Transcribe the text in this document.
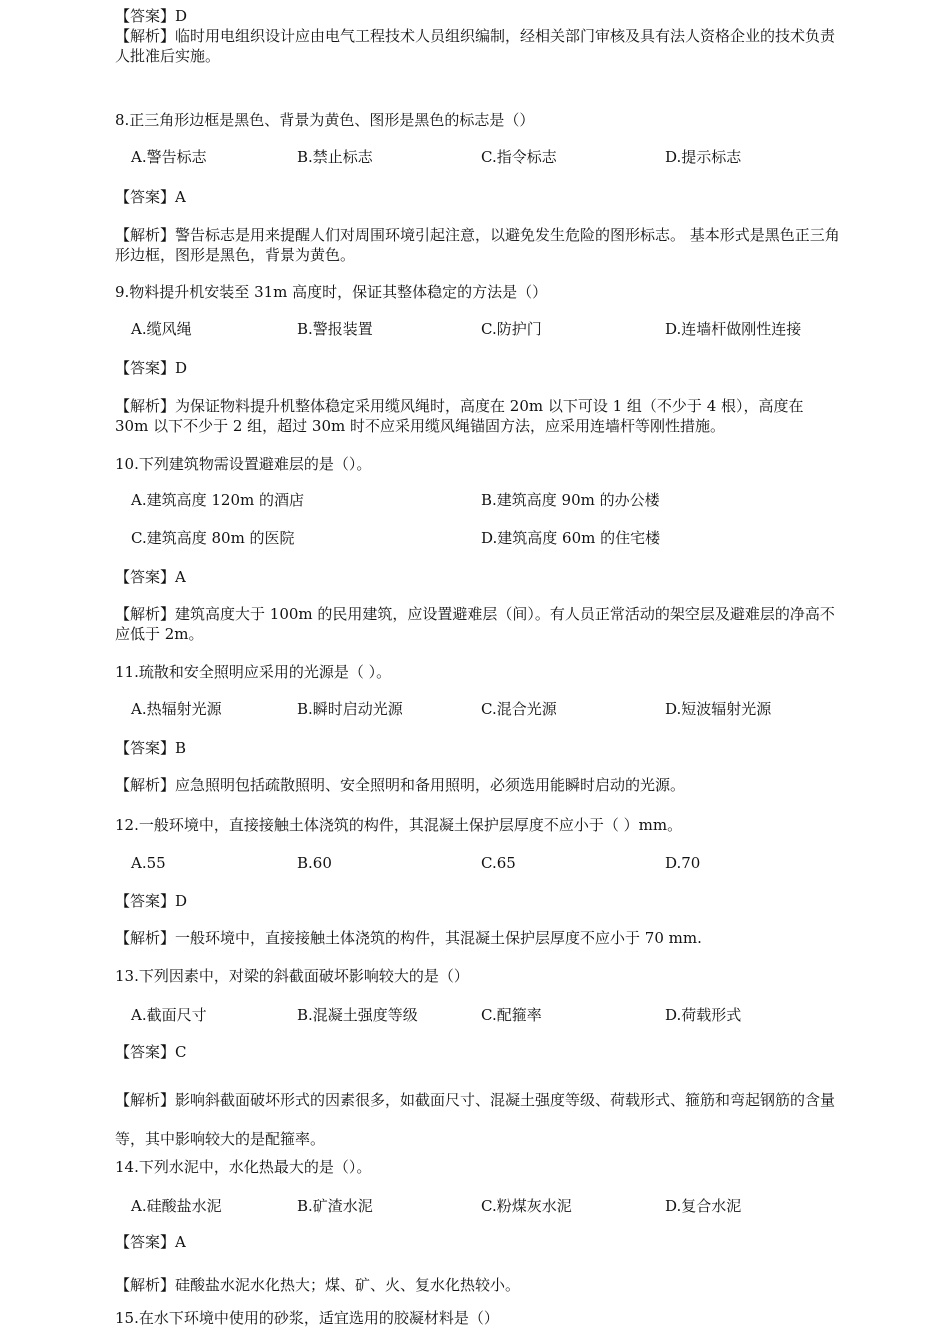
【答案】D
【解析】临时用电组织设计应由电气工程技术人员组织编制，经相关部门审核及具有法人资格企业的技术负责人批准后实施。
8.正三角形边框是黑色、背景为黄色、图形是黑色的标志是（）
A.警告标志	B.禁止标志	C.指令标志	D.提示标志
【答案】A
【解析】警告标志是用来提醒人们对周围环境引起注意，以避免发生危险的图形标志。 基本形式是黑色正三角形边框，图形是黑色，背景为黄色。
9.物料提升机安装至 31m 高度时，保证其整体稳定的方法是（）
A.缆风绳	B.警报装置	C.防护门	D.连墙杆做刚性连接
【答案】D
【解析】为保证物料提升机整体稳定采用缆风绳时，高度在 20m 以下可设 1 组（不少于 4 根），高度在 30m 以下不少于 2 组，超过 30m 时不应采用缆风绳锚固方法，应采用连墙杆等刚性措施。
10.下列建筑物需设置避难层的是（）。
A.建筑高度 120m 的酒店	B.建筑高度 90m 的办公楼
C.建筑高度 80m 的医院	D.建筑高度 60m 的住宅楼
【答案】A
【解析】建筑高度大于 100m 的民用建筑，应设置避难层（间）。有人员正常活动的架空层及避难层的净高不应低于 2m。
11.琉散和安全照明应采用的光源是（ ）。
A.热辐射光源	B.瞬时启动光源	C.混合光源	D.短波辐射光源
【答案】B
【解析】应急照明包括疏散照明、安全照明和备用照明，必须选用能瞬时启动的光源。
12.一般环境中，直接接触土体浇筑的构件，其混凝土保护层厚度不应小于（ ）mm。
A.55	B.60	C.65	D.70
【答案】D
【解析】一般环境中，直接接触土体浇筑的构件，其混凝土保护层厚度不应小于 70 mm.
13.下列因素中，对梁的斜截面破坏影响较大的是（）
A.截面尺寸	B.混凝土强度等级	C.配箍率	D.荷载形式
【答案】C
【解析】影响斜截面破坏形式的因素很多，如截面尺寸、混凝土强度等级、荷载形式、箍筋和弯起钢筋的含量等，其中影响较大的是配箍率。
14.下列水泥中，水化热最大的是（）。
A.硅酸盐水泥	B.矿渣水泥	C.粉煤灰水泥	D.复合水泥
【答案】A
【解析】硅酸盐水泥水化热大；煤、矿、火、复水化热较小。
15.在水下环境中使用的砂浆，适宜选用的胶凝材料是（）
